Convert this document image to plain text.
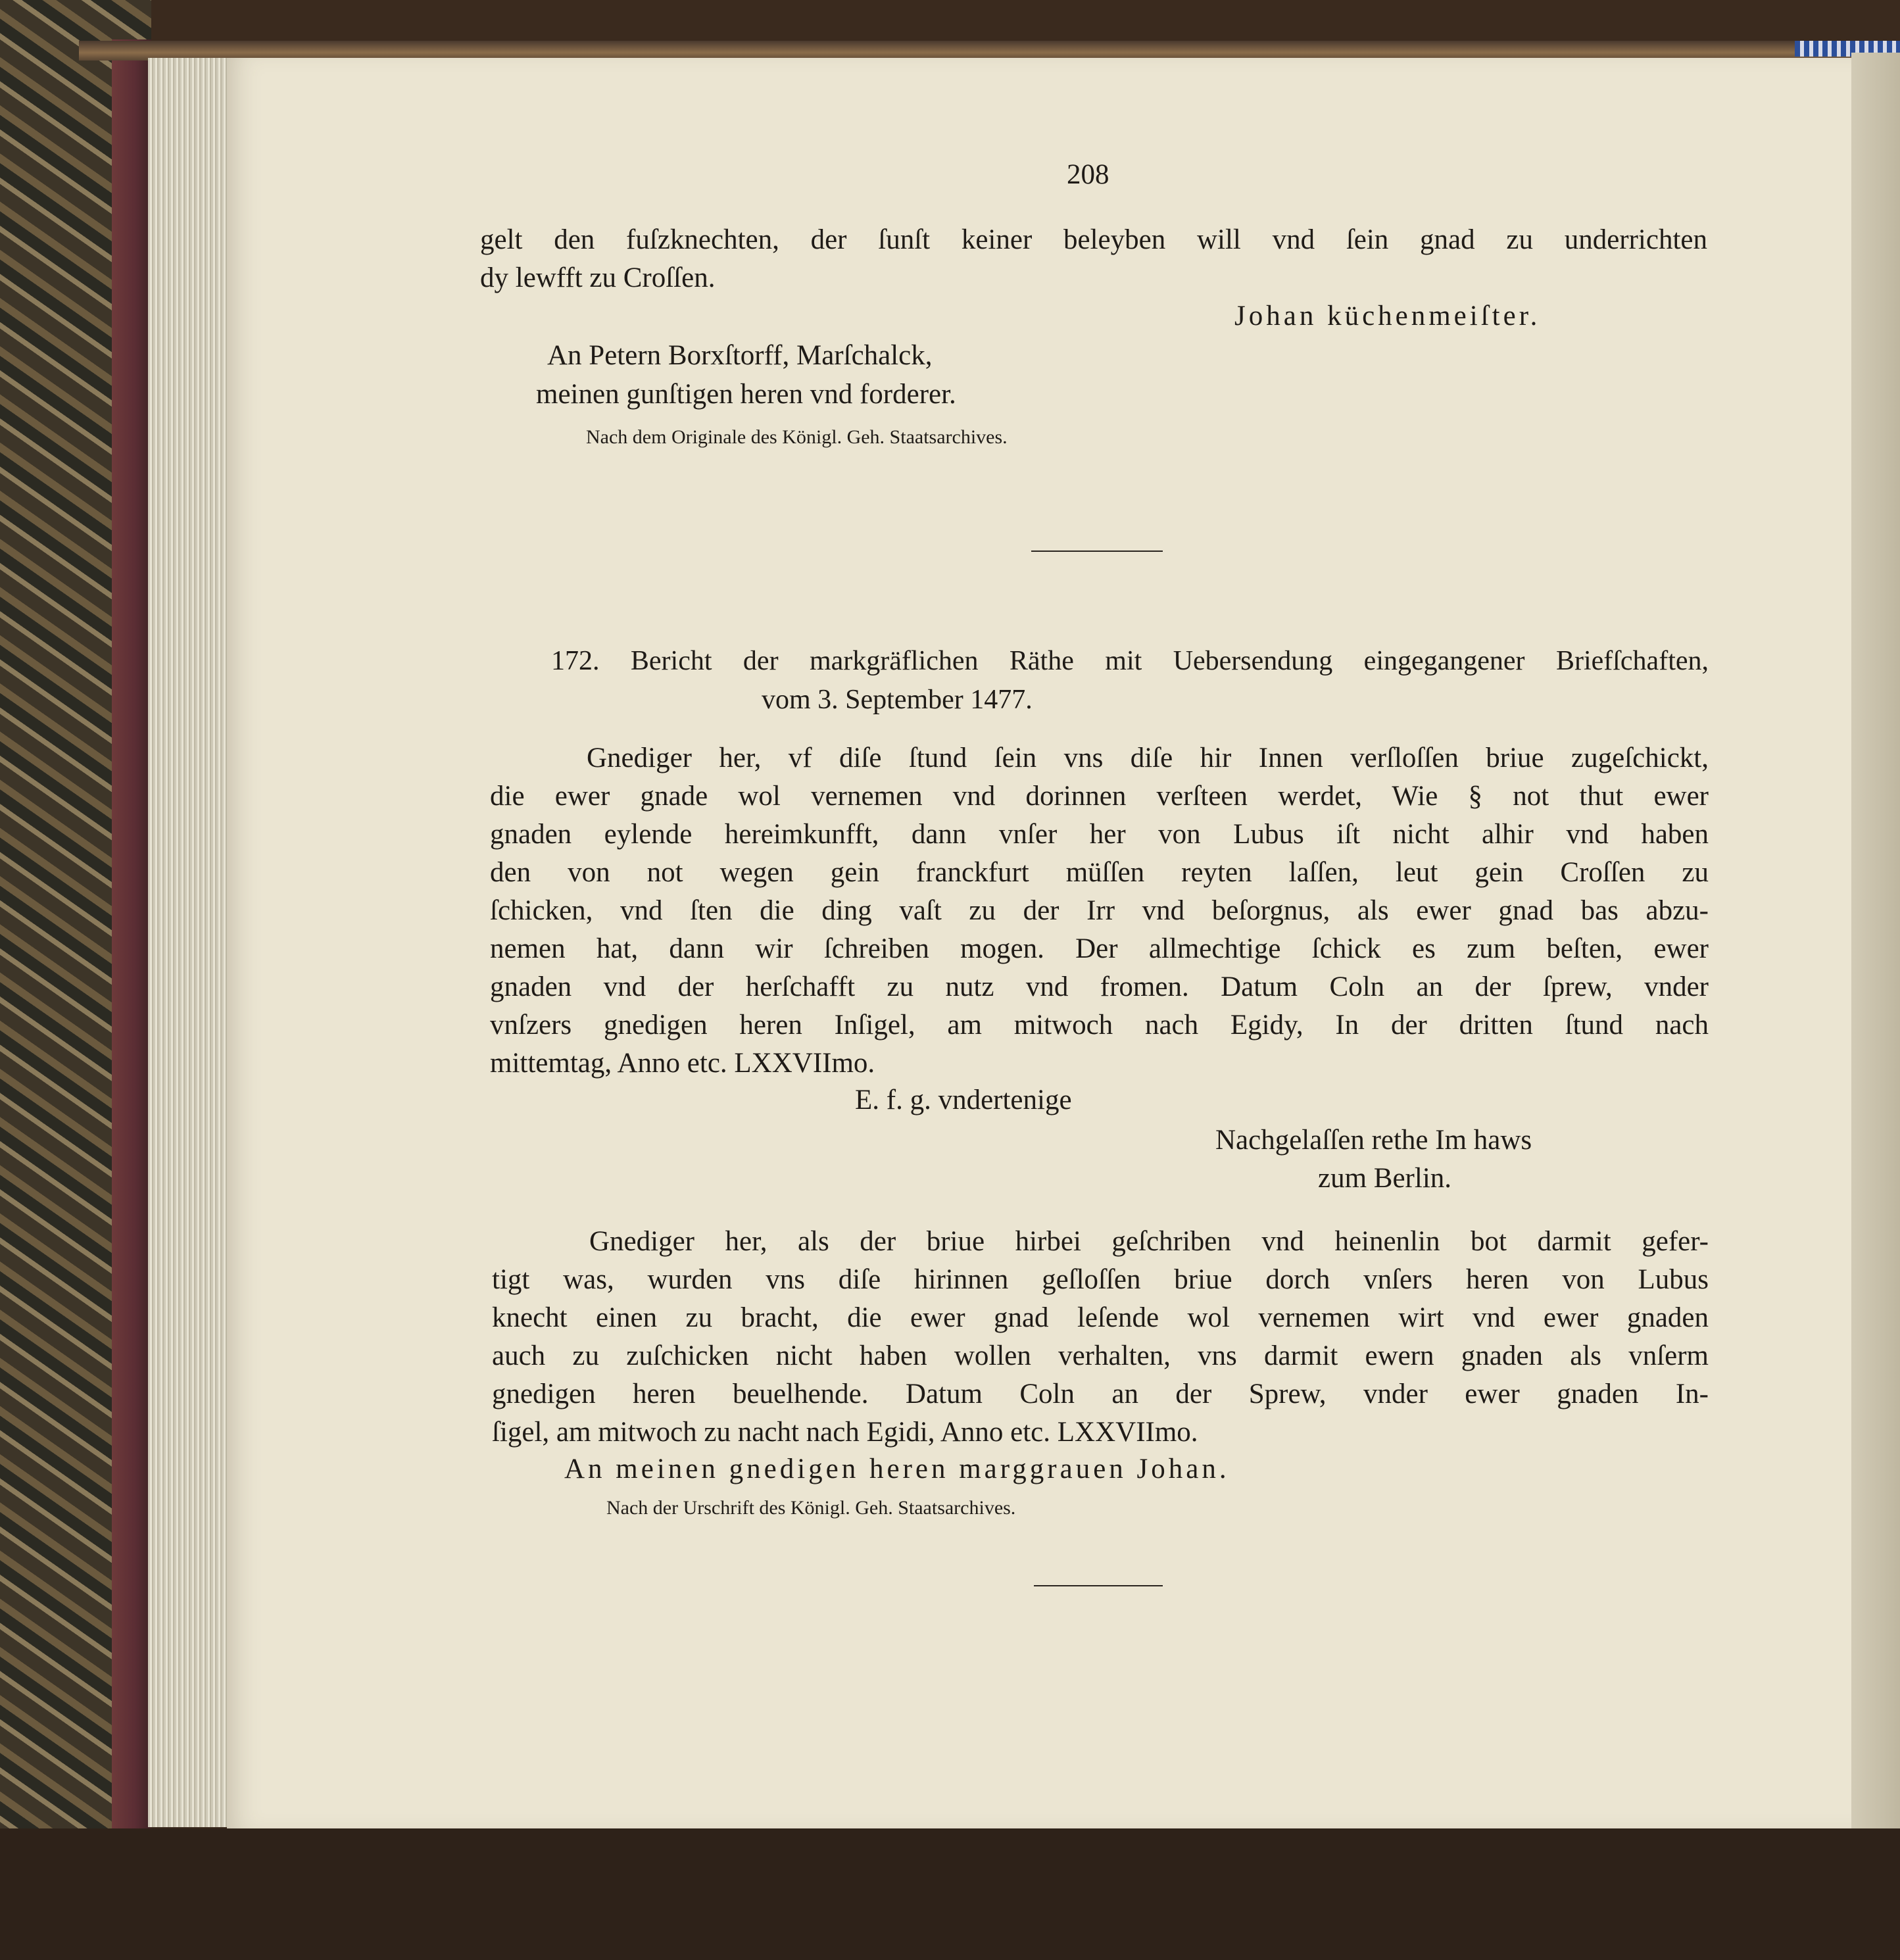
208
gelt den fuſzknechten, der ſunſt keiner beleyben will vnd ſein gnad zu underrichten
dy lewfft zu Croſſen.
Johan küchenmeiſter.
An Petern Borxſtorff, Marſchalck,
meinen gunſtigen heren vnd forderer.
Nach dem Originale des Königl. Geh. Staatsarchives.
172. Bericht der markgräflichen Räthe mit Uebersendung eingegangener Briefſchaften,
vom 3. September 1477.
Gnediger her, vf diſe ſtund ſein vns diſe hir Innen verſloſſen briue zugeſchickt,
die ewer gnade wol vernemen vnd dorinnen verſteen werdet, Wie § not thut ewer
gnaden eylende hereimkunfft, dann vnſer her von Lubus iſt nicht alhir vnd haben
den von not wegen gein franckfurt müſſen reyten laſſen, leut gein Croſſen zu
ſchicken, vnd ſten die ding vaſt zu der Irr vnd beſorgnus, als ewer gnad bas abzu-
nemen hat, dann wir ſchreiben mogen. Der allmechtige ſchick es zum beſten, ewer
gnaden vnd der herſchafft zu nutz vnd fromen. Datum Coln an der ſprew, vnder
vnſzers gnedigen heren Inſigel, am mitwoch nach Egidy, In der dritten ſtund nach
mittemtag, Anno etc. LXXVIImo.
E. f. g. vndertenige
Nachgelaſſen rethe Im haws
zum Berlin.
Gnediger her, als der briue hirbei geſchriben vnd heinenlin bot darmit gefer-
tigt was, wurden vns diſe hirinnen geſloſſen briue dorch vnſers heren von Lubus
knecht einen zu bracht, die ewer gnad leſende wol vernemen wirt vnd ewer gnaden
auch zu zuſchicken nicht haben wollen verhalten, vns darmit ewern gnaden als vnſerm
gnedigen heren beuelhende. Datum Coln an der Sprew, vnder ewer gnaden In-
ſigel, am mitwoch zu nacht nach Egidi, Anno etc. LXXVIImo.
An meinen gnedigen heren marggrauen Johan.
Nach der Urschrift des Königl. Geh. Staatsarchives.
